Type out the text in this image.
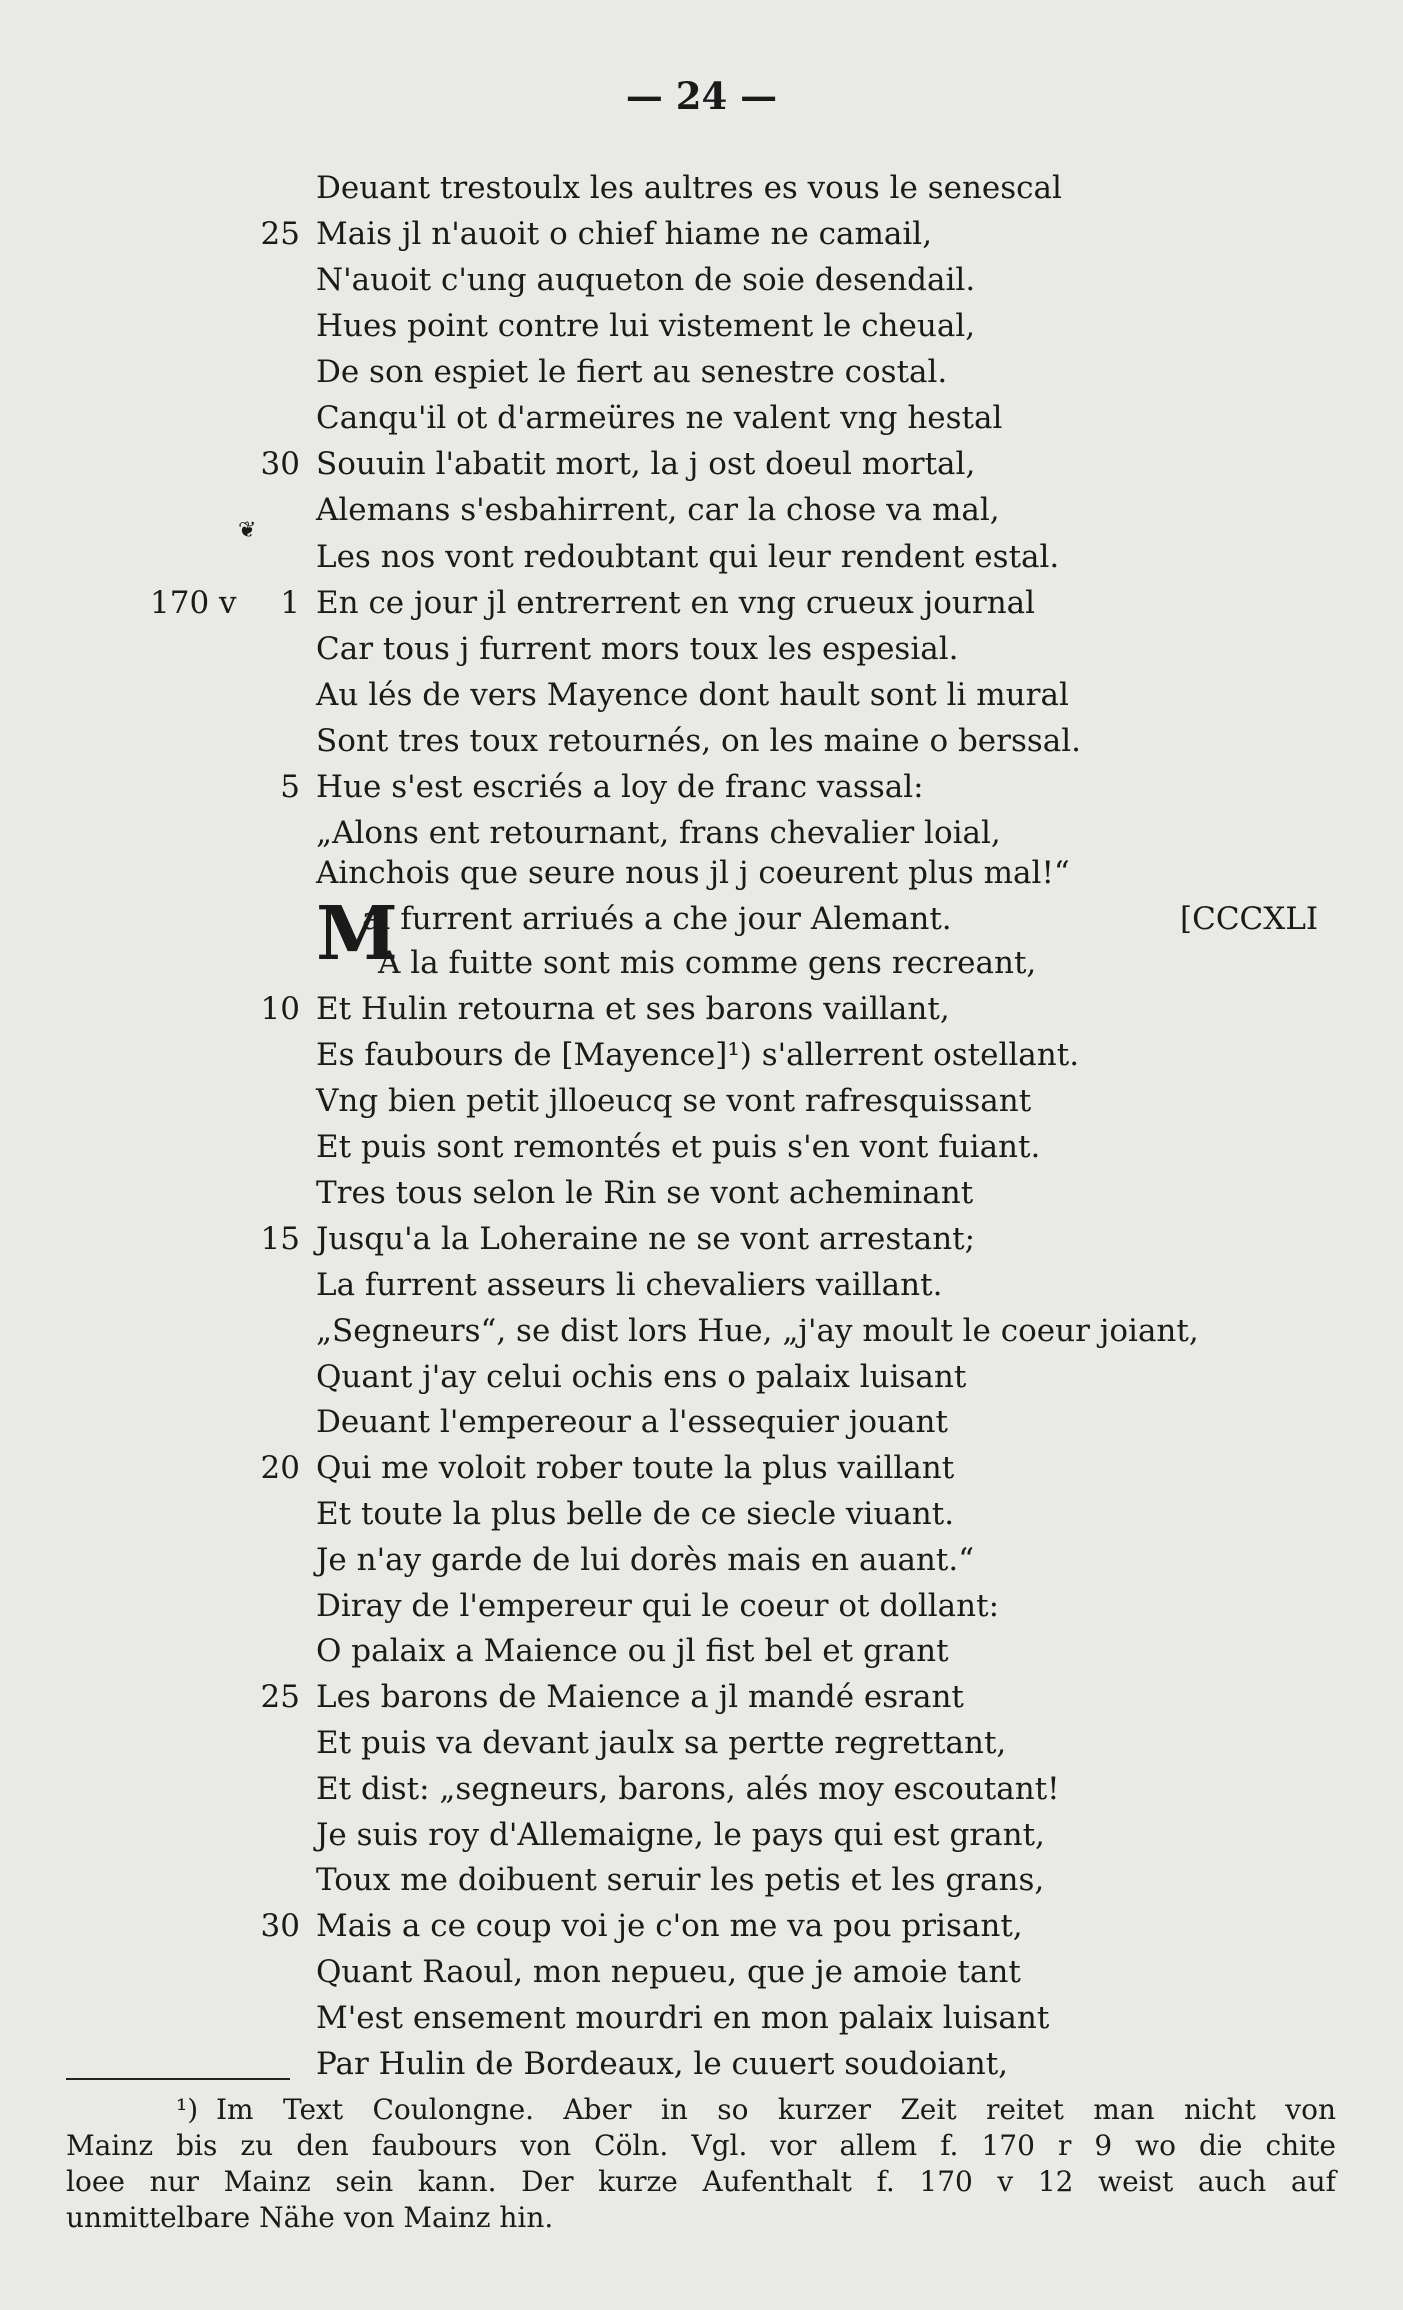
— 24 —
❦
170 v
[CCCXLI
25
30
1
5
10
15
20
25
30
Deuant trestoulx les aultres es vous le senescal
Mais jl n'auoit o chief hiame ne camail,
N'auoit c'ung auqueton de soie desendail.
Hues point contre lui vistement le cheual,
De son espiet le fiert au senestre costal.
Canqu'il ot d'armeüres ne valent vng hestal
Souuin l'abatit mort, la j ost doeul mortal,
Alemans s'esbahirrent, car la chose va mal,
Les nos vont redoubtant qui leur rendent estal.
En ce jour jl entrerrent en vng crueux journal
Car tous j furrent mors toux les espesial.
Au lés de vers Mayence dont hault sont li mural
Sont tres toux retournés, on les maine o berssal.
Hue s'est escriés a loy de franc vassal:
„Alons ent retournant, frans chevalier loial,
Ainchois que seure nous jl j coeurent plus mal!“
M
al furrent arriués a che jour Alemant.
A la fuitte sont mis comme gens recreant,
Et Hulin retourna et ses barons vaillant,
Es faubours de [Mayence]¹) s'allerrent ostellant.
Vng bien petit jlloeucq se vont rafresquissant
Et puis sont remontés et puis s'en vont fuiant.
Tres tous selon le Rin se vont acheminant
Jusqu'a la Loheraine ne se vont arrestant;
La furrent asseurs li chevaliers vaillant.
„Segneurs“, se dist lors Hue, „j'ay moult le coeur joiant,
Quant j'ay celui ochis ens o palaix luisant
Deuant l'empereour a l'essequier jouant
Qui me voloit rober toute la plus vaillant
Et toute la plus belle de ce siecle viuant.
Je n'ay garde de lui dorès mais en auant.“
Diray de l'empereur qui le coeur ot dollant:
O palaix a Maience ou jl fist bel et grant
Les barons de Maience a jl mandé esrant
Et puis va devant jaulx sa pertte regrettant,
Et dist: „segneurs, barons, alés moy escoutant!
Je suis roy d'Allemaigne, le pays qui est grant,
Toux me doibuent seruir les petis et les grans,
Mais a ce coup voi je c'on me va pou prisant,
Quant Raoul, mon nepueu, que je amoie tant
M'est ensement mourdri en mon palaix luisant
Par Hulin de Bordeaux, le cuuert soudoiant,
¹) Im Text Coulongne. Aber in so kurzer Zeit reitet man nicht von
Mainz bis zu den faubours von Cöln. Vgl. vor allem f. 170 r 9 wo die chite
loee nur Mainz sein kann. Der kurze Aufenthalt f. 170 v 12 weist auch auf
unmittelbare Nähe von Mainz hin.
